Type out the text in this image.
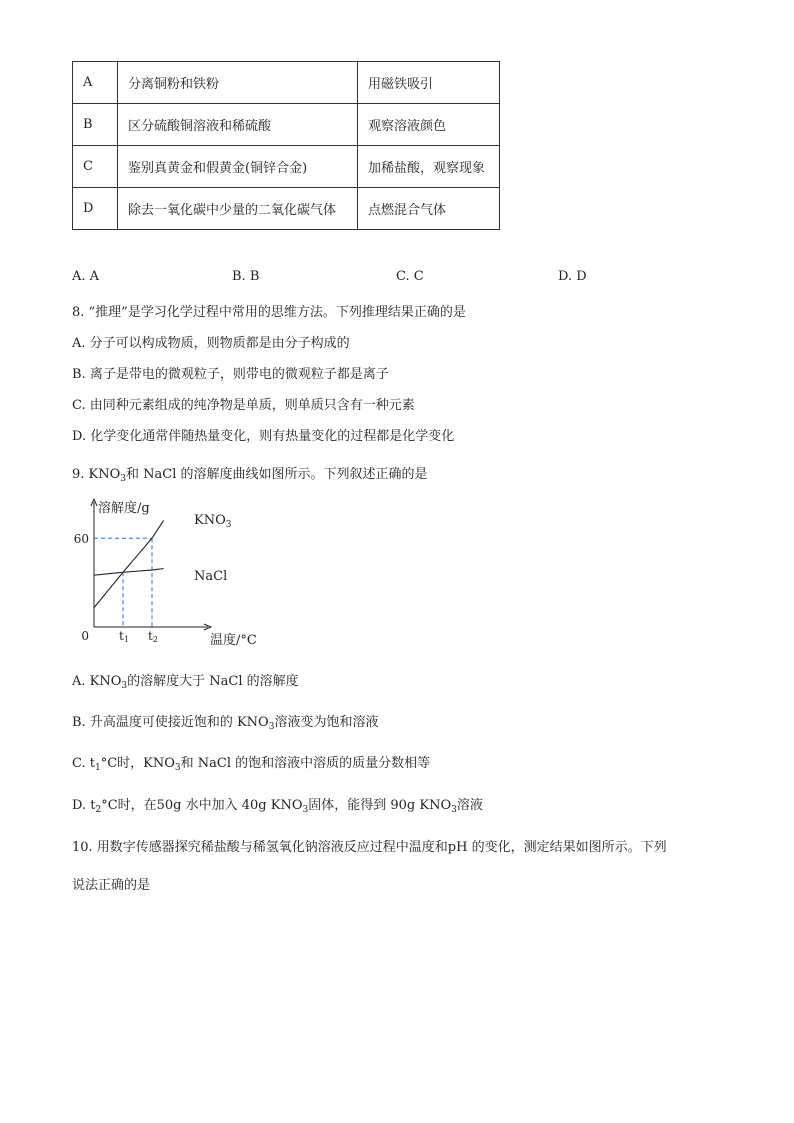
A	分离铜粉和铁粉	用磁铁吸引
B	区分硫酸铜溶液和稀硫酸	观察溶液颜色
C	鉴别真黄金和假黄金(铜锌合金)	加稀盐酸，观察现象
D	除去一氧化碳中少量的二氧化碳气体	点燃混合气体
A. A	B. B	C. C	D. D
8. “推理”是学习化学过程中常用的思维方法。下列推理结果正确的是
A. 分子可以构成物质，则物质都是由分子构成的
B. 离子是带电的微观粒子，则带电的微观粒子都是离子
C. 由同种元素组成的纯净物是单质，则单质只含有一种元素
D. 化学变化通常伴随热量变化，则有热量变化的过程都是化学变化
9. $KNO_3$和 NaCl 的溶解度曲线如图所示。下列叙述正确的是
溶解度/g
60
0	t1 t2	温度/°C
$KNO_3$
NaCl
A. $KNO_3$的溶解度大于 NaCl 的溶解度
B. 升高温度可使接近饱和的 $KNO_3$溶液变为饱和溶液
C. $t_1^\circ C$时，$KNO_3$和 NaCl 的饱和溶液中溶质的质量分数相等
D. $t_2^\circ C$时，在50g 水中加入 40g $KNO_3$固体，能得到 90g $KNO_3$溶液
10. 用数字传感器探究稀盐酸与稀氢氧化钠溶液反应过程中温度和pH 的变化，测定结果如图所示。下列
说法正确的是
